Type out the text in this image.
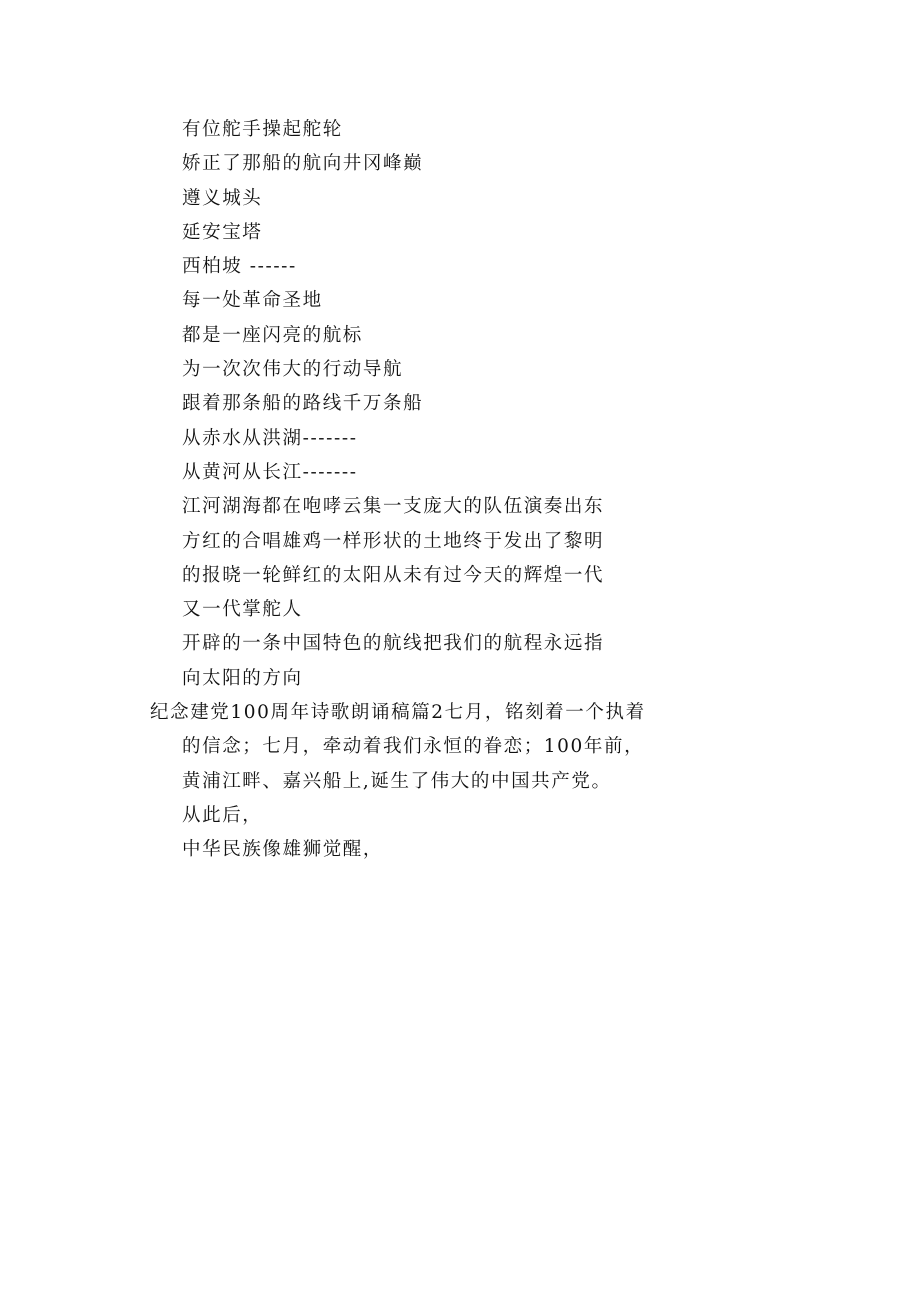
有位舵手操起舵轮
娇正了那船的航向井冈峰巅
遵义城头
延安宝塔
西柏坡 ------
每一处革命圣地
都是一座闪亮的航标
为一次次伟大的行动导航
跟着那条船的路线千万条船
从赤水从洪湖-------
从黄河从长江-------
江河湖海都在咆哮云集一支庞大的队伍演奏出东方红的合唱雄鸡一样形状的土地终于发出了黎明的报晓一轮鲜红的太阳从未有过今天的辉煌一代又一代掌舵人
开辟的一条中国特色的航线把我们的航程永远指向太阳的方向
纪念建党100周年诗歌朗诵稿篇2七月，铭刻着一个执着的信念；七月，牵动着我们永恒的眷恋；100年前，黄浦江畔、嘉兴船上,诞生了伟大的中国共产党。
从此后，
中华民族像雄狮觉醒，
